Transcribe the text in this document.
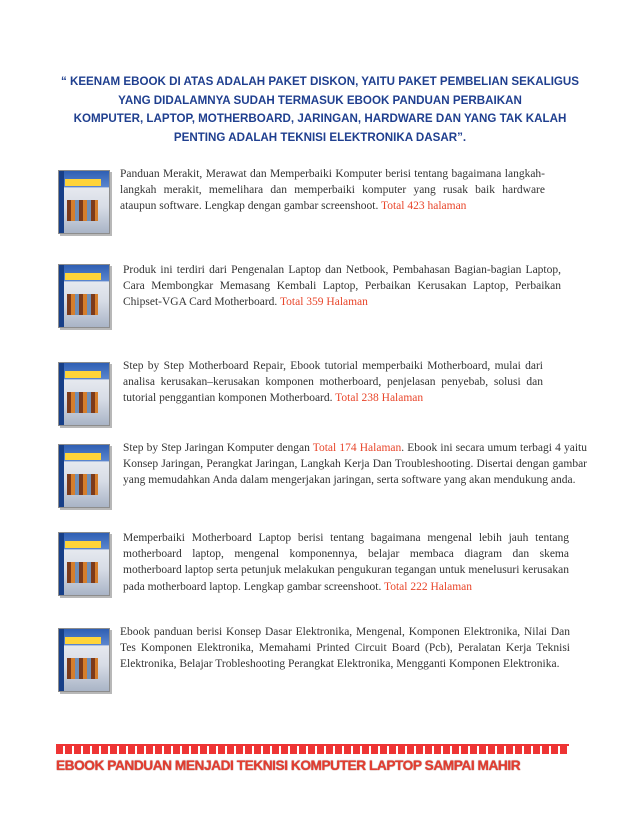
“ KEENAM EBOOK DI ATAS ADALAH PAKET DISKON, YAITU PAKET PEMBELIAN SEKALIGUS
YANG DIDALAMNYA SUDAH TERMASUK EBOOK PANDUAN PERBAIKAN
KOMPUTER, LAPTOP, MOTHERBOARD, JARINGAN, HARDWARE DAN YANG TAK KALAH
PENTING ADALAH TEKNISI ELEKTRONIKA DASAR”.
Panduan Merakit, Merawat dan Memperbaiki Komputer berisi tentang bagaimana langkah-langkah merakit, memelihara dan memperbaiki komputer yang rusak baik hardware ataupun software. Lengkap dengan gambar screenshoot. Total 423 halaman
Produk ini terdiri dari Pengenalan Laptop dan Netbook, Pembahasan Bagian-bagian Laptop, Cara Membongkar Memasang Kembali Laptop, Perbaikan Kerusakan Laptop, Perbaikan Chipset-VGA Card Motherboard. Total 359 Halaman
Step by Step Motherboard Repair, Ebook tutorial memperbaiki Motherboard, mulai dari analisa kerusakan–kerusakan komponen motherboard, penjelasan penyebab, solusi dan tutorial penggantian komponen Motherboard. Total 238 Halaman
Step by Step Jaringan Komputer dengan Total 174 Halaman. Ebook ini secara umum terbagi 4 yaitu Konsep Jaringan, Perangkat Jaringan, Langkah Kerja Dan Troubleshooting. Disertai dengan gambar yang memudahkan Anda dalam mengerjakan jaringan, serta software yang akan mendukung anda.
Memperbaiki Motherboard Laptop berisi tentang bagaimana mengenal lebih jauh tentang motherboard laptop, mengenal komponennya, belajar membaca diagram dan skema motherboard laptop serta petunjuk melakukan pengukuran tegangan untuk menelusuri kerusakan pada motherboard laptop. Lengkap gambar screenshoot. Total 222 Halaman
Ebook panduan berisi Konsep Dasar Elektronika, Mengenal, Komponen Elektronika, Nilai Dan Tes Komponen Elektronika, Memahami Printed Circuit Board (Pcb), Peralatan Kerja Teknisi Elektronika, Belajar Trobleshooting Perangkat Elektronika, Mengganti Komponen Elektronika.
EBOOK PANDUAN MENJADI TEKNISI KOMPUTER LAPTOP SAMPAI MAHIR
